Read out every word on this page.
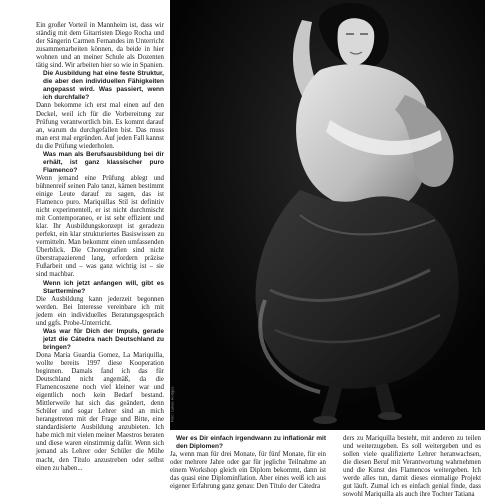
Ein großer Vorteil in Mannheim ist, dass wir ständig mit dem Gitarristen Diego Rocha und der Sängerin Carmen Fernandes im Unterricht zusammenarbeiten können, da beide in hier wohnen und an meiner Schule als Dozenten tätig sind. Wir arbeiten hier so wie in Spanien.

Die Ausbildung hat eine feste Struktur, die aber den individuellen Fähigkeiten angepasst wird. Was passiert, wenn ich durchfalle?

Dann bekomme ich erst mal einen auf den Deckel, weil ich für die Vorbereitung zur Prüfung verantwortlich bin. Es kommt darauf an, warum du durchgefallen bist. Das muss man erst mal ergründen. Auf jeden Fall kannst du die Prüfung wiederholen.

Was man als Berufsausbildung bei dir erhält, ist ganz klassischer puro Flamenco?

Wenn jemand eine Prüfung ablegt und bühnenreif seinen Palo tanzt, kämen bestimmt einige Leute darauf zu sagen, das ist Flamenco puro. Mariquillas Stil ist definitiv nicht experimentell, er ist nicht durchmischt mit Contemporaneo, er ist sehr effizient und klar. Ihr Ausbildungskonzept ist geradezu perfekt, ein klar strukturiertes Basiswissen zu vermitteln. Man bekommt einen umfassenden Überblick. Die Choreografien sind nicht überstrapazierend lang, erfordern präzise Fußarbeit und – was ganz wichtig ist – sie sind machbar.

Wenn ich jetzt anfangen will, gibt es Starttermine?

Die Ausbildung kann jederzeit begonnen werden. Bei Interesse vereinbare ich mit jedem ein individuelles Beratungsgespräch und ggfs. Probe-Unterricht.

Was war für Dich der Impuls, gerade jetzt die Cátedra nach Deutschland zu bringen?

Dona Maria Guardia Gomez, La Mariquilla, wollte bereits 1997 diese Kooperation beginnen. Damals fand ich das für Deutschland nicht angemäß, da die Flamencoszene noch viel kleiner war und eigentlich noch kein Bedarf bestand. Mittlerweile hat sich das geändert, denn Schüler und sogar Lehrer sind an mich herangetreten mit der Frage und Bitte, eine standardisierte Ausbildung anzubieten. Ich habe mich mit vielen meiner Maestros beraten und diese waren einstimmig dafür. Wenn sich jemand als Lehrer oder Schüler die Mühe macht, den Título anzustreben oder selbst einen zu haben...

Foto: Lukas Hodges

Wer es Dir einfach irgendwann zu inflationär mit den Diplomen?

Ja, wenn man für drei Monate, für fünf Monate, für ein oder mehrere Jahre oder gar für jegliche Teilnahme an einem Workshop gleich ein Diplom bekommt, dann ist das quasi eine Diplominflation. Aber eines weiß ich aus eigener Erfahrung ganz genau: Den Título der Cátedra

ders zu Mariquilla besteht, mit anderen zu teilen und weiterzugeben. Es soll weitergeben und es sollen viele qualifizierte Lehrer heranwachsen, die diesen Beruf mit Verantwortung wahrnehmen und die Kunst des Flamencos weitergeben. Ich werde alles tun, damit dieses einmalige Projekt gut läuft. Zumal ich es einfach genial finde, dass sowohl Mariquilla als auch ihre Tochter Tatiana
